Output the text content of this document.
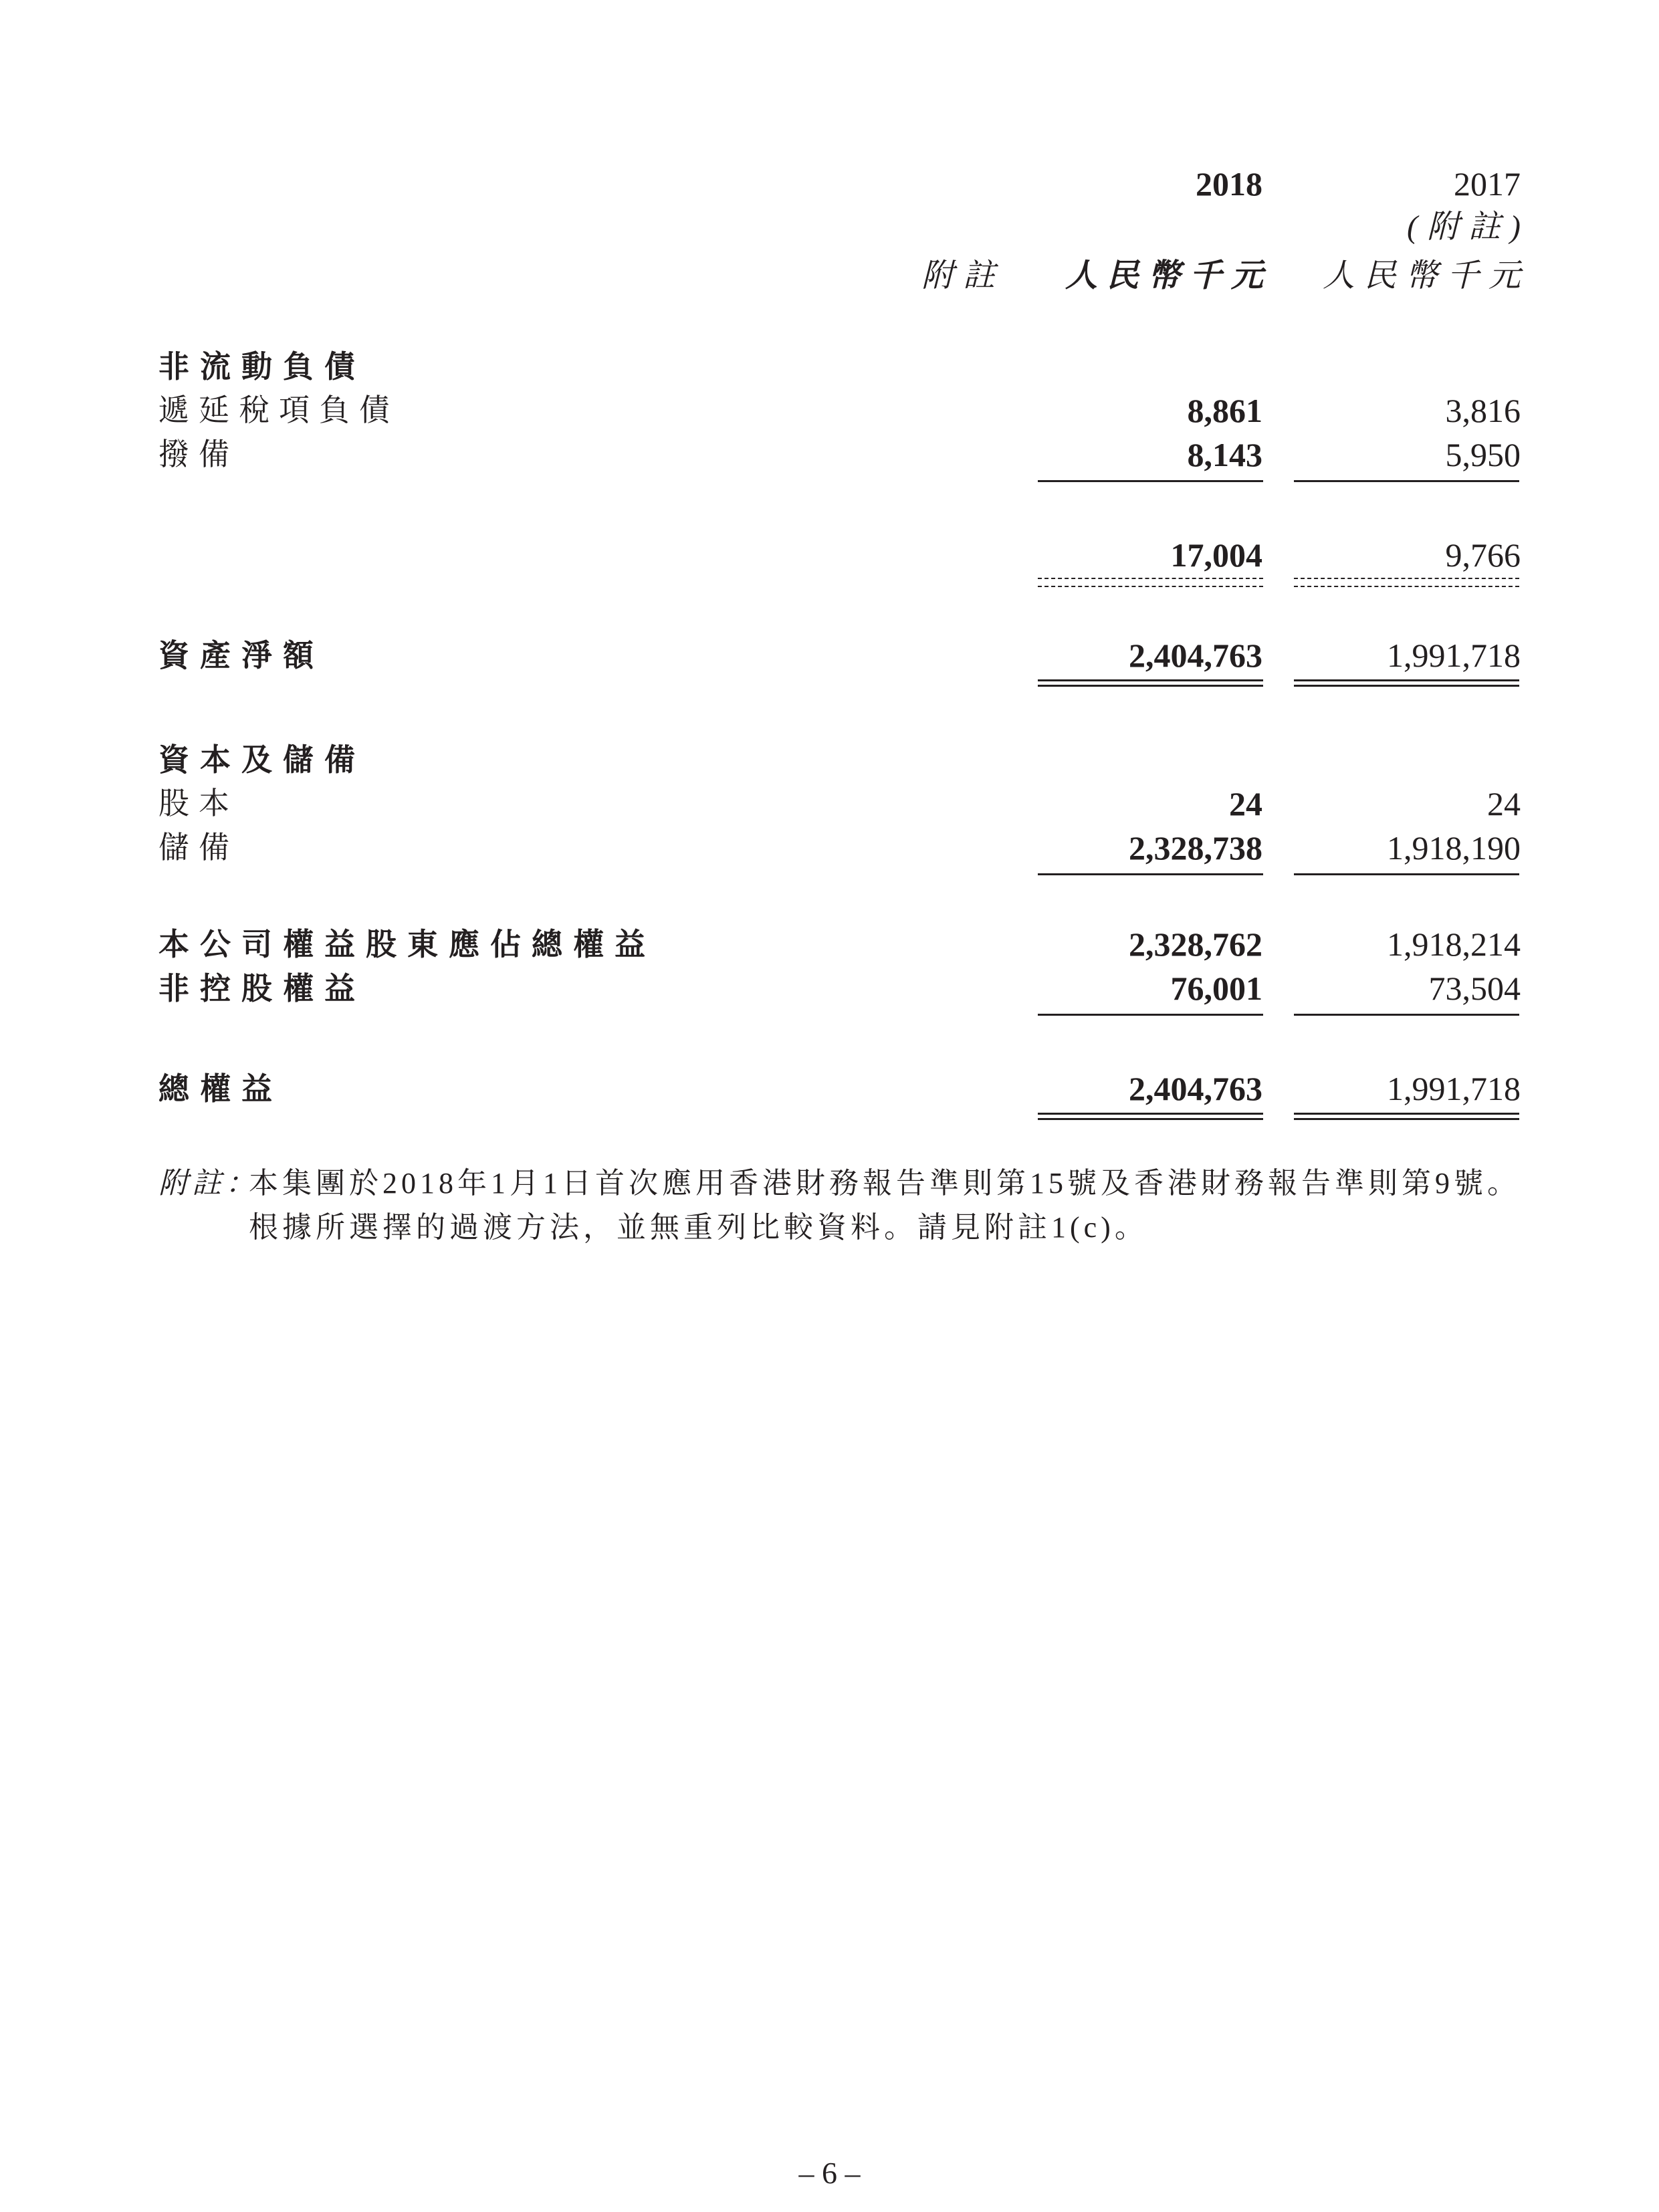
2018	2017
(附註)
附註 人民幣千元 人民幣千元
非流動負債
遞延稅項負債	8,861	3,816
撥備	8,143	5,950
17,004	9,766
資產淨額	2,404,763	1,991,718
資本及儲備
股本	24	24
儲備	2,328,738	1,918,190
本公司權益股東應佔總權益	2,328,762	1,918,214
非控股權益	76,001	73,504
總權益	2,404,763	1,991,718
附註：
本集團於2018年1月1日首次應用香港財務報告準則第15號及香港財務報告準則第9號。
根據所選擇的過渡方法，並無重列比較資料。請見附註1(c)。
– 6 –
